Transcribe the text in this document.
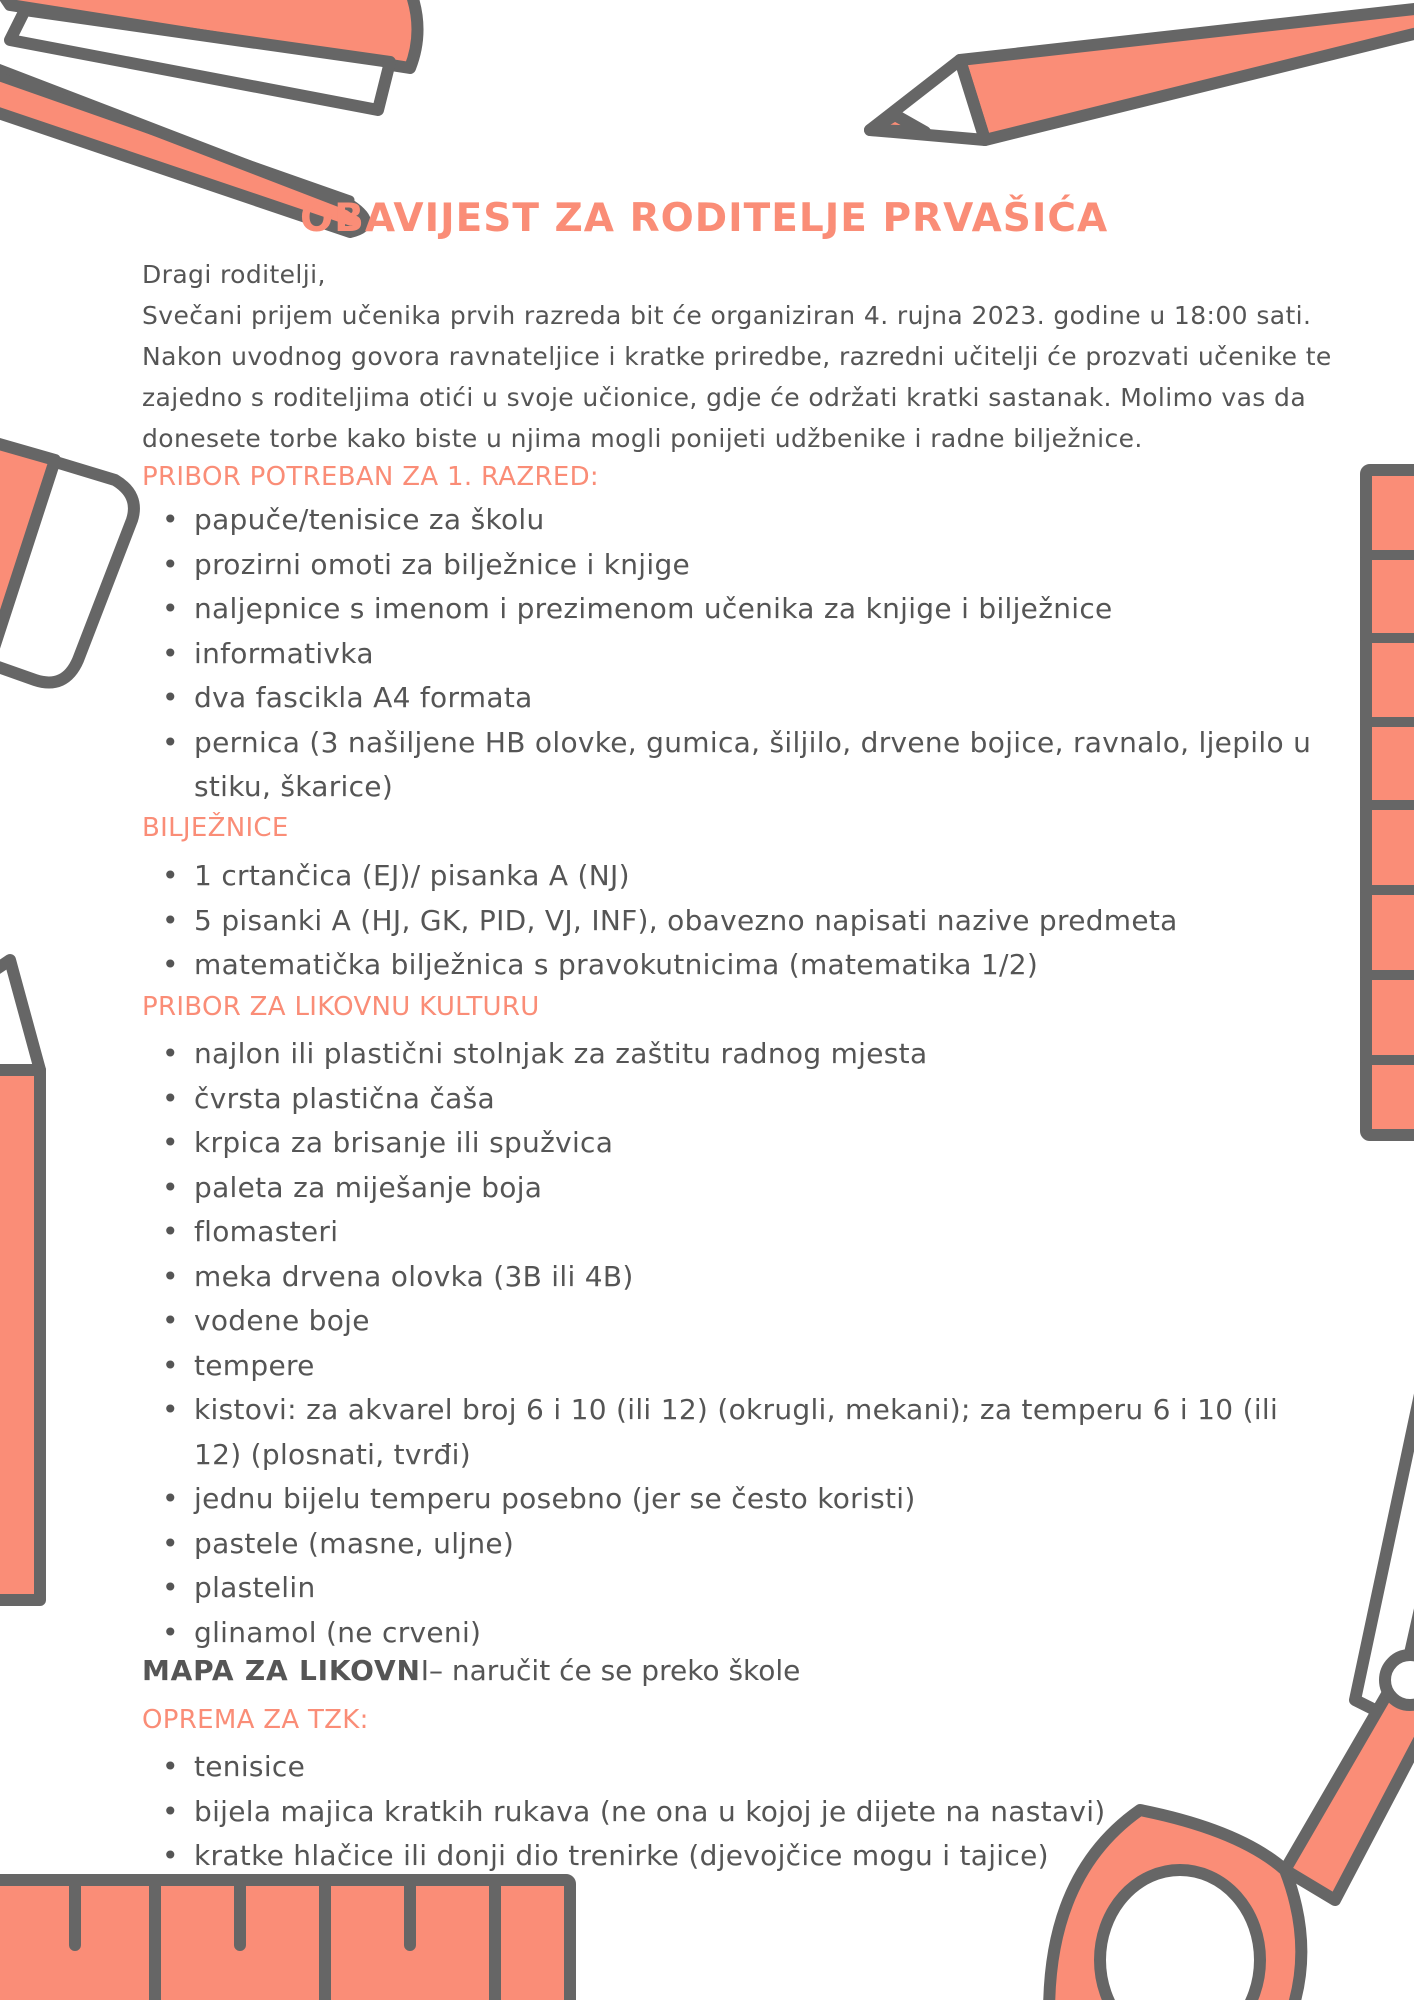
OBAVIJEST ZA RODITELJE PRVAŠIĆA

Dragi roditelji,

Svečani prijem učenika prvih razreda bit će organiziran 4. rujna 2023. godine u 18:00 sati. Nakon uvodnog govora ravnateljice i kratke priredbe, razredni učitelji će prozvati učenike te zajedno s roditeljima otići u svoje učionice, gdje će održati kratki sastanak. Molimo vas da donesete torbe kako biste u njima mogli ponijeti udžbenike i radne bilježnice.

PRIBOR POTREBAN ZA 1. RAZRED:

• papuče/tenisice za školu
• prozirni omoti za bilježnice i knjige
• naljepnice s imenom i prezimenom učenika za knjige i bilježnice
• informativka
• dva fascikla A4 formata
• pernica (3 našiljene HB olovke, gumica, šiljilo, drvene bojice, ravnalo, ljepilo u stiku, škarice)

BILJEŽNICE

• 1 crtančica (EJ)/ pisanka A (NJ)
• 5 pisanki A (HJ, GK, PID, VJ, INF), obavezno napisati nazive predmeta
• matematička bilježnica s pravokutnicima (matematika 1/2)

PRIBOR ZA LIKOVNU KULTURU

• najlon ili plastični stolnjak za zaštitu radnog mjesta
• čvrsta plastična čaša
• krpica za brisanje ili spužvica
• paleta za miješanje boja
• flomasteri
• meka drvena olovka (3B ili 4B)
• vodene boje
• tempere
• kistovi: za akvarel broj 6 i 10 (ili 12) (okrugli, mekani); za temperu 6 i 10 (ili 12) (plosnati, tvrđi)
• jednu bijelu temperu posebno (jer se često koristi)
• pastele (masne, uljne)
• plastelin
• glinamol (ne crveni)
MAPA ZA LIKOVNI– naručit će se preko škole

OPREMA ZA TZK:

• tenisice
• bijela majica kratkih rukava (ne ona u kojoj je dijete na nastavi)
• kratke hlačice ili donji dio trenirke (djevojčice mogu i tajice)
